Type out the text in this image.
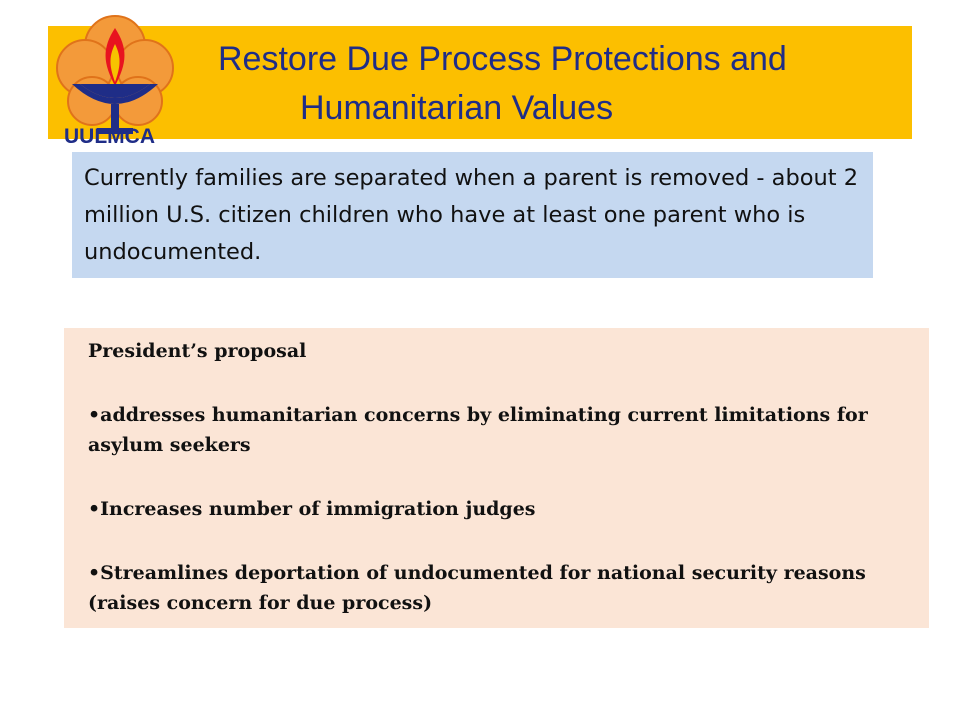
UULMCA
Restore Due Process Protections and
Humanitarian Values
Currently families are separated when a parent is removed - about 2 million U.S. citizen children who have at least one parent who is undocumented.
President’s proposal
•addresses humanitarian concerns by eliminating current limitations for asylum seekers
•Increases number of immigration judges
•Streamlines deportation of undocumented for national security reasons (raises concern for due process)
